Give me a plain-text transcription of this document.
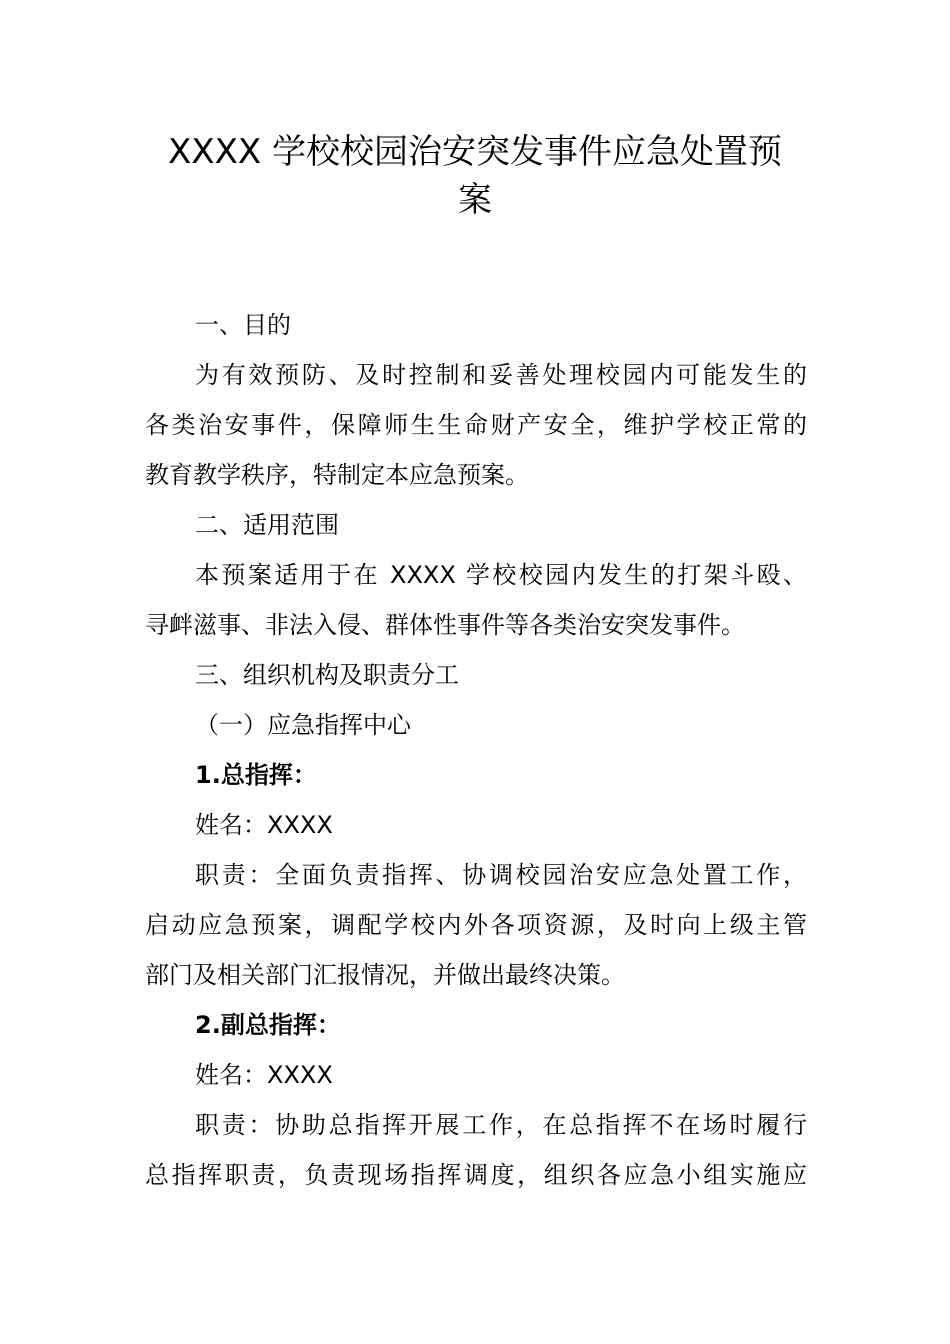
XXXX 学校校园治安突发事件应急处置预
案

一、目的

为有效预防、及时控制和妥善处理校园内可能发生的

各类治安事件，保障师生生命财产安全，维护学校正常的

教育教学秩序，特制定本应急预案。

二、适用范围

本预案适用于在 XXXX 学校校园内发生的打架斗殴、

寻衅滋事、非法入侵、群体性事件等各类治安突发事件。

三、组织机构及职责分工

（一）应急指挥中心

1.总指挥：

姓名：XXXX

职责：全面负责指挥、协调校园治安应急处置工作，

启动应急预案，调配学校内外各项资源，及时向上级主管

部门及相关部门汇报情况，并做出最终决策。

2.副总指挥：

姓名：XXXX

职责：协助总指挥开展工作，在总指挥不在场时履行

总指挥职责，负责现场指挥调度，组织各应急小组实施应
